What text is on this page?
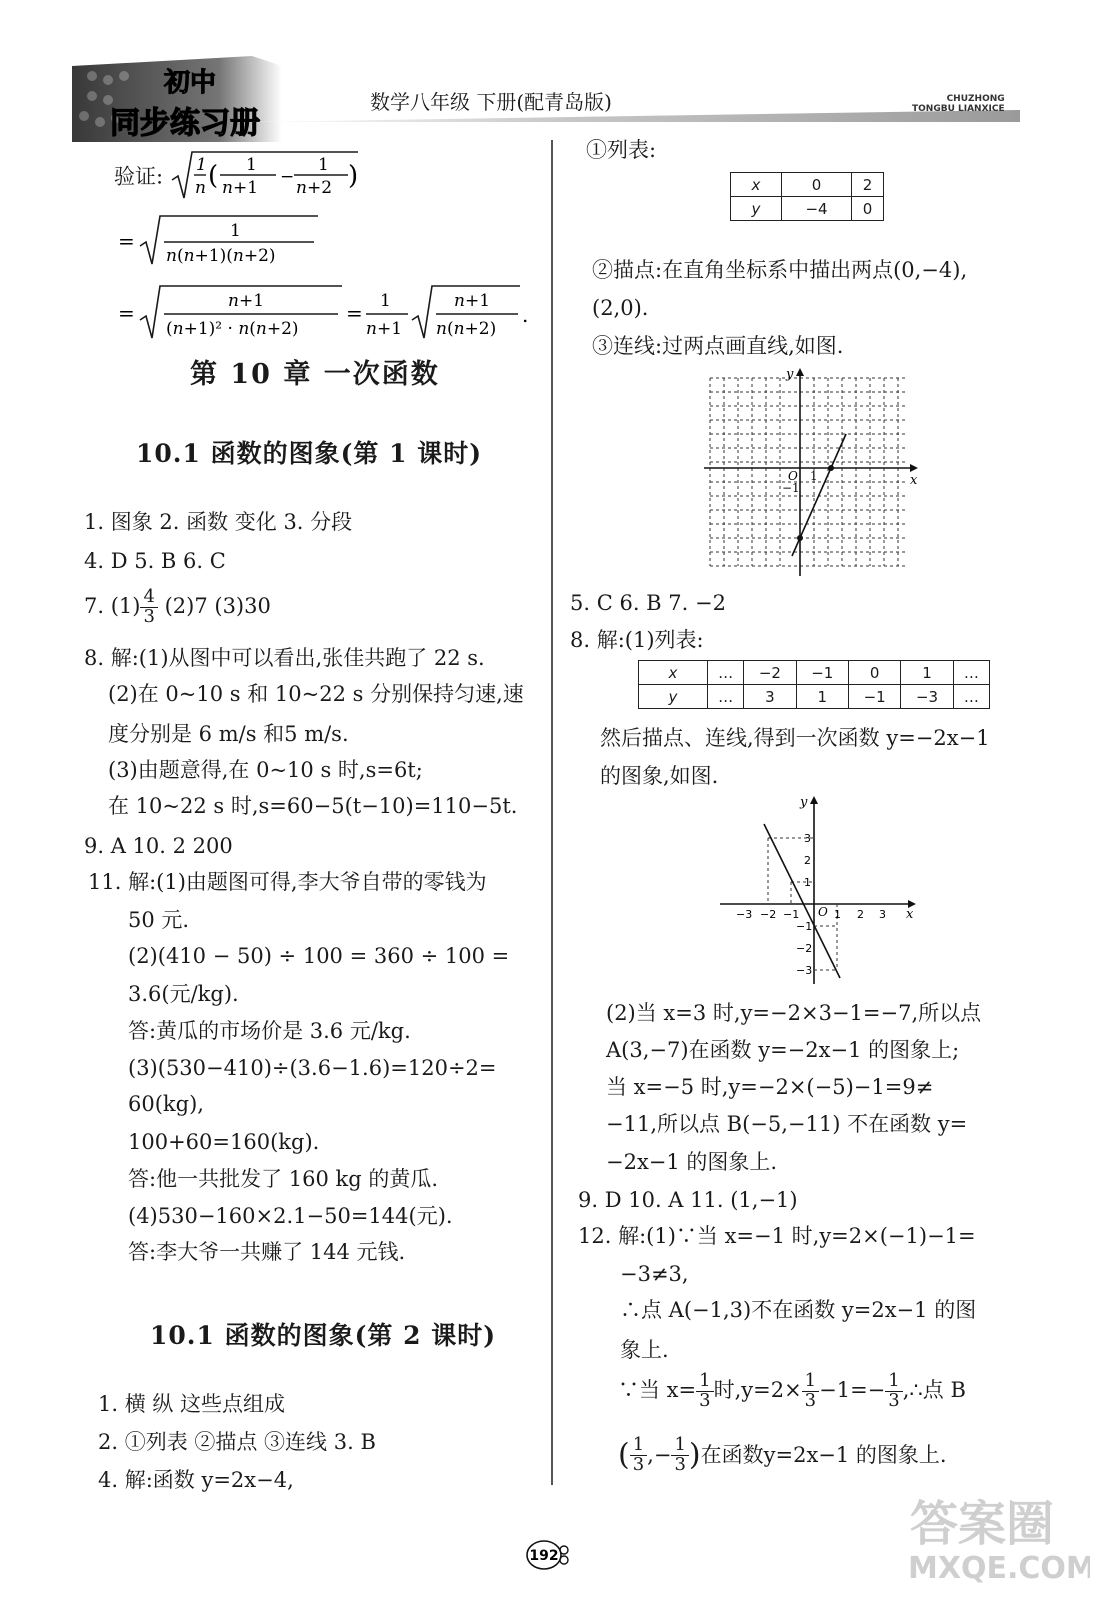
初中
同步练习册
数学八年级 下册(配青岛版)	CHUZHONG
TONGBU LIANXICE
验证: 1
n ( 1
n+1
−
1
n+2 )
=	1
n(n+1)(n+2)
=	n+1
(n+1)² · n(n+2)
= 1
n+1
n+1
n(n+2)
.
第 10 章 一次函数
10.1 函数的图象(第 1 课时)
1. 图象 2. 函数 变化 3. 分段
4. D 5. B 6. C
7. $(1) \frac{4}{3} (2)7$ (3)30
8. 解:(1)从图中可以看出,张佳共跑了 22 s.
(2)在 0~10 s 和 10~22 s 分别保持匀速,速
度分别是 6 m/s 和5 m/s.
(3)由题意得,在 0~10 s 时,s=6t;
在 10~22 s 时,s=60−5(t−10)=110−5t.
9. A 10. 2 200
11. 解:(1)由题图可得,李大爷自带的零钱为
50 元.
(2)(410 − 50) ÷ 100 = 360 ÷ 100 =
3.6(元/kg).
答:黄瓜的市场价是 3.6 元/kg.
(3)(530−410)÷(3.6−1.6)=120÷2=
60(kg),
100+60=160(kg).
答:他一共批发了 160 kg 的黄瓜.
(4)530−160×2.1−50=144(元).
答:李大爷一共赚了 144 元钱.
10.1 函数的图象(第 2 课时)
1. 横 纵 这些点组成
2. ①列表 ②描点 ③连线 3. B
4. 解:函数 y=2x−4,
①列表:
x	0	2
y	−4	0
②描点:在直角坐标系中描出两点(0,−4),
(2,0).
③连线:过两点画直线,如图.
y
x
O 1
−1
5. C 6. B 7. −2
8. 解:(1)列表:
x	…	−2	−1	0	1	…
y	…	3	1	−1	−3	…
然后描点、连线,得到一次函数 y=−2x−1
的图象,如图.
y
x
O
−3 −2 −1	1 2 3
3
2
1
−1
−2
−3
(2)当 x=3 时,y=−2×3−1=−7,所以点
A(3,−7)在函数 y=−2x−1 的图象上;
当 x=−5 时,y=−2×(−5)−1=9≠
−11,所以点 B(−5,−11) 不在函数 y=
−2x−1 的图象上.
9. D 10. A 11. (1,−1)
12. 解:(1)∵当 x=−1 时,y=2×(−1)−1=
−3≠3,
∴点 A(−1,3)不在函数 y=2x−1 的图
象上.
∵当 $x= \frac{1}{3}$ 时$,y=2\times \frac{1}{3} -1=- \frac{1}{3}$ ,∴点 B
( $\frac{1}{3}$ ,− $\frac{1}{3}$ )在函数y=2x−1 的图象上.
192
答案圈
MXQE.COM
